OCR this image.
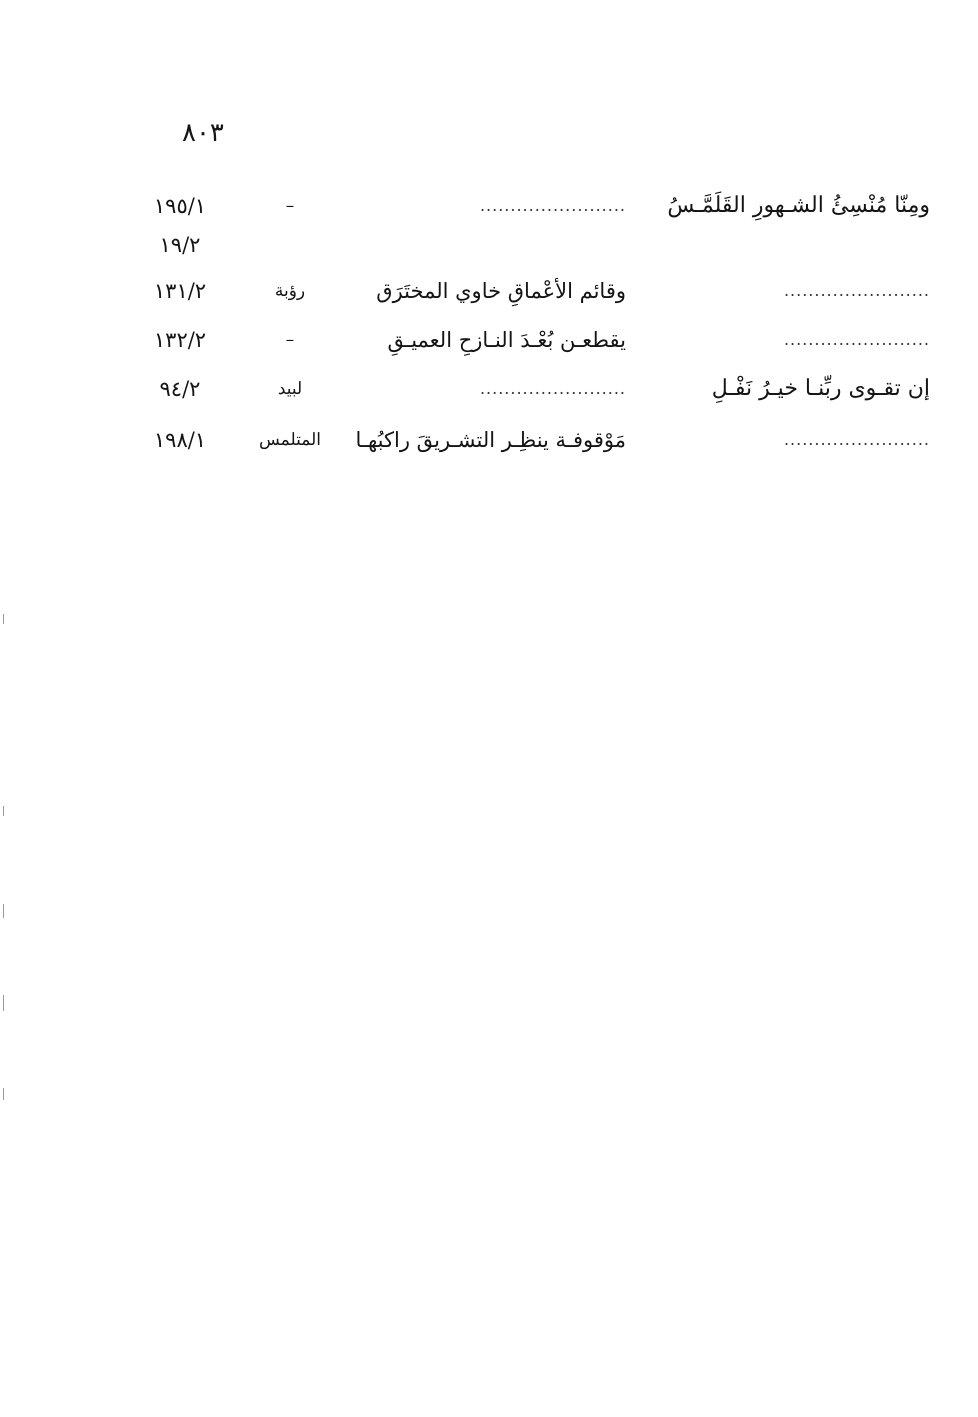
٨٠٣
ومِنّا مُنْسِئُ الشـهورِ القَلَمَّـسُ
........................
–
١٩٥/١
١٩/٢
........................
وقائم الأعْماقِ خاوي المختَرَق
رؤبة
١٣١/٢
........................
يقطعـن بُعْـدَ النـازحِ العميـقِ
–
١٣٢/٢
إن تقـوى ربِّنـا خيـرُ نَفْـلِ
........................
لبيد
٩٤/٢
........................
مَوْقوفـة ينظِـر التشـريقَ راكبُهـا
المتلمس
١٩٨/١
